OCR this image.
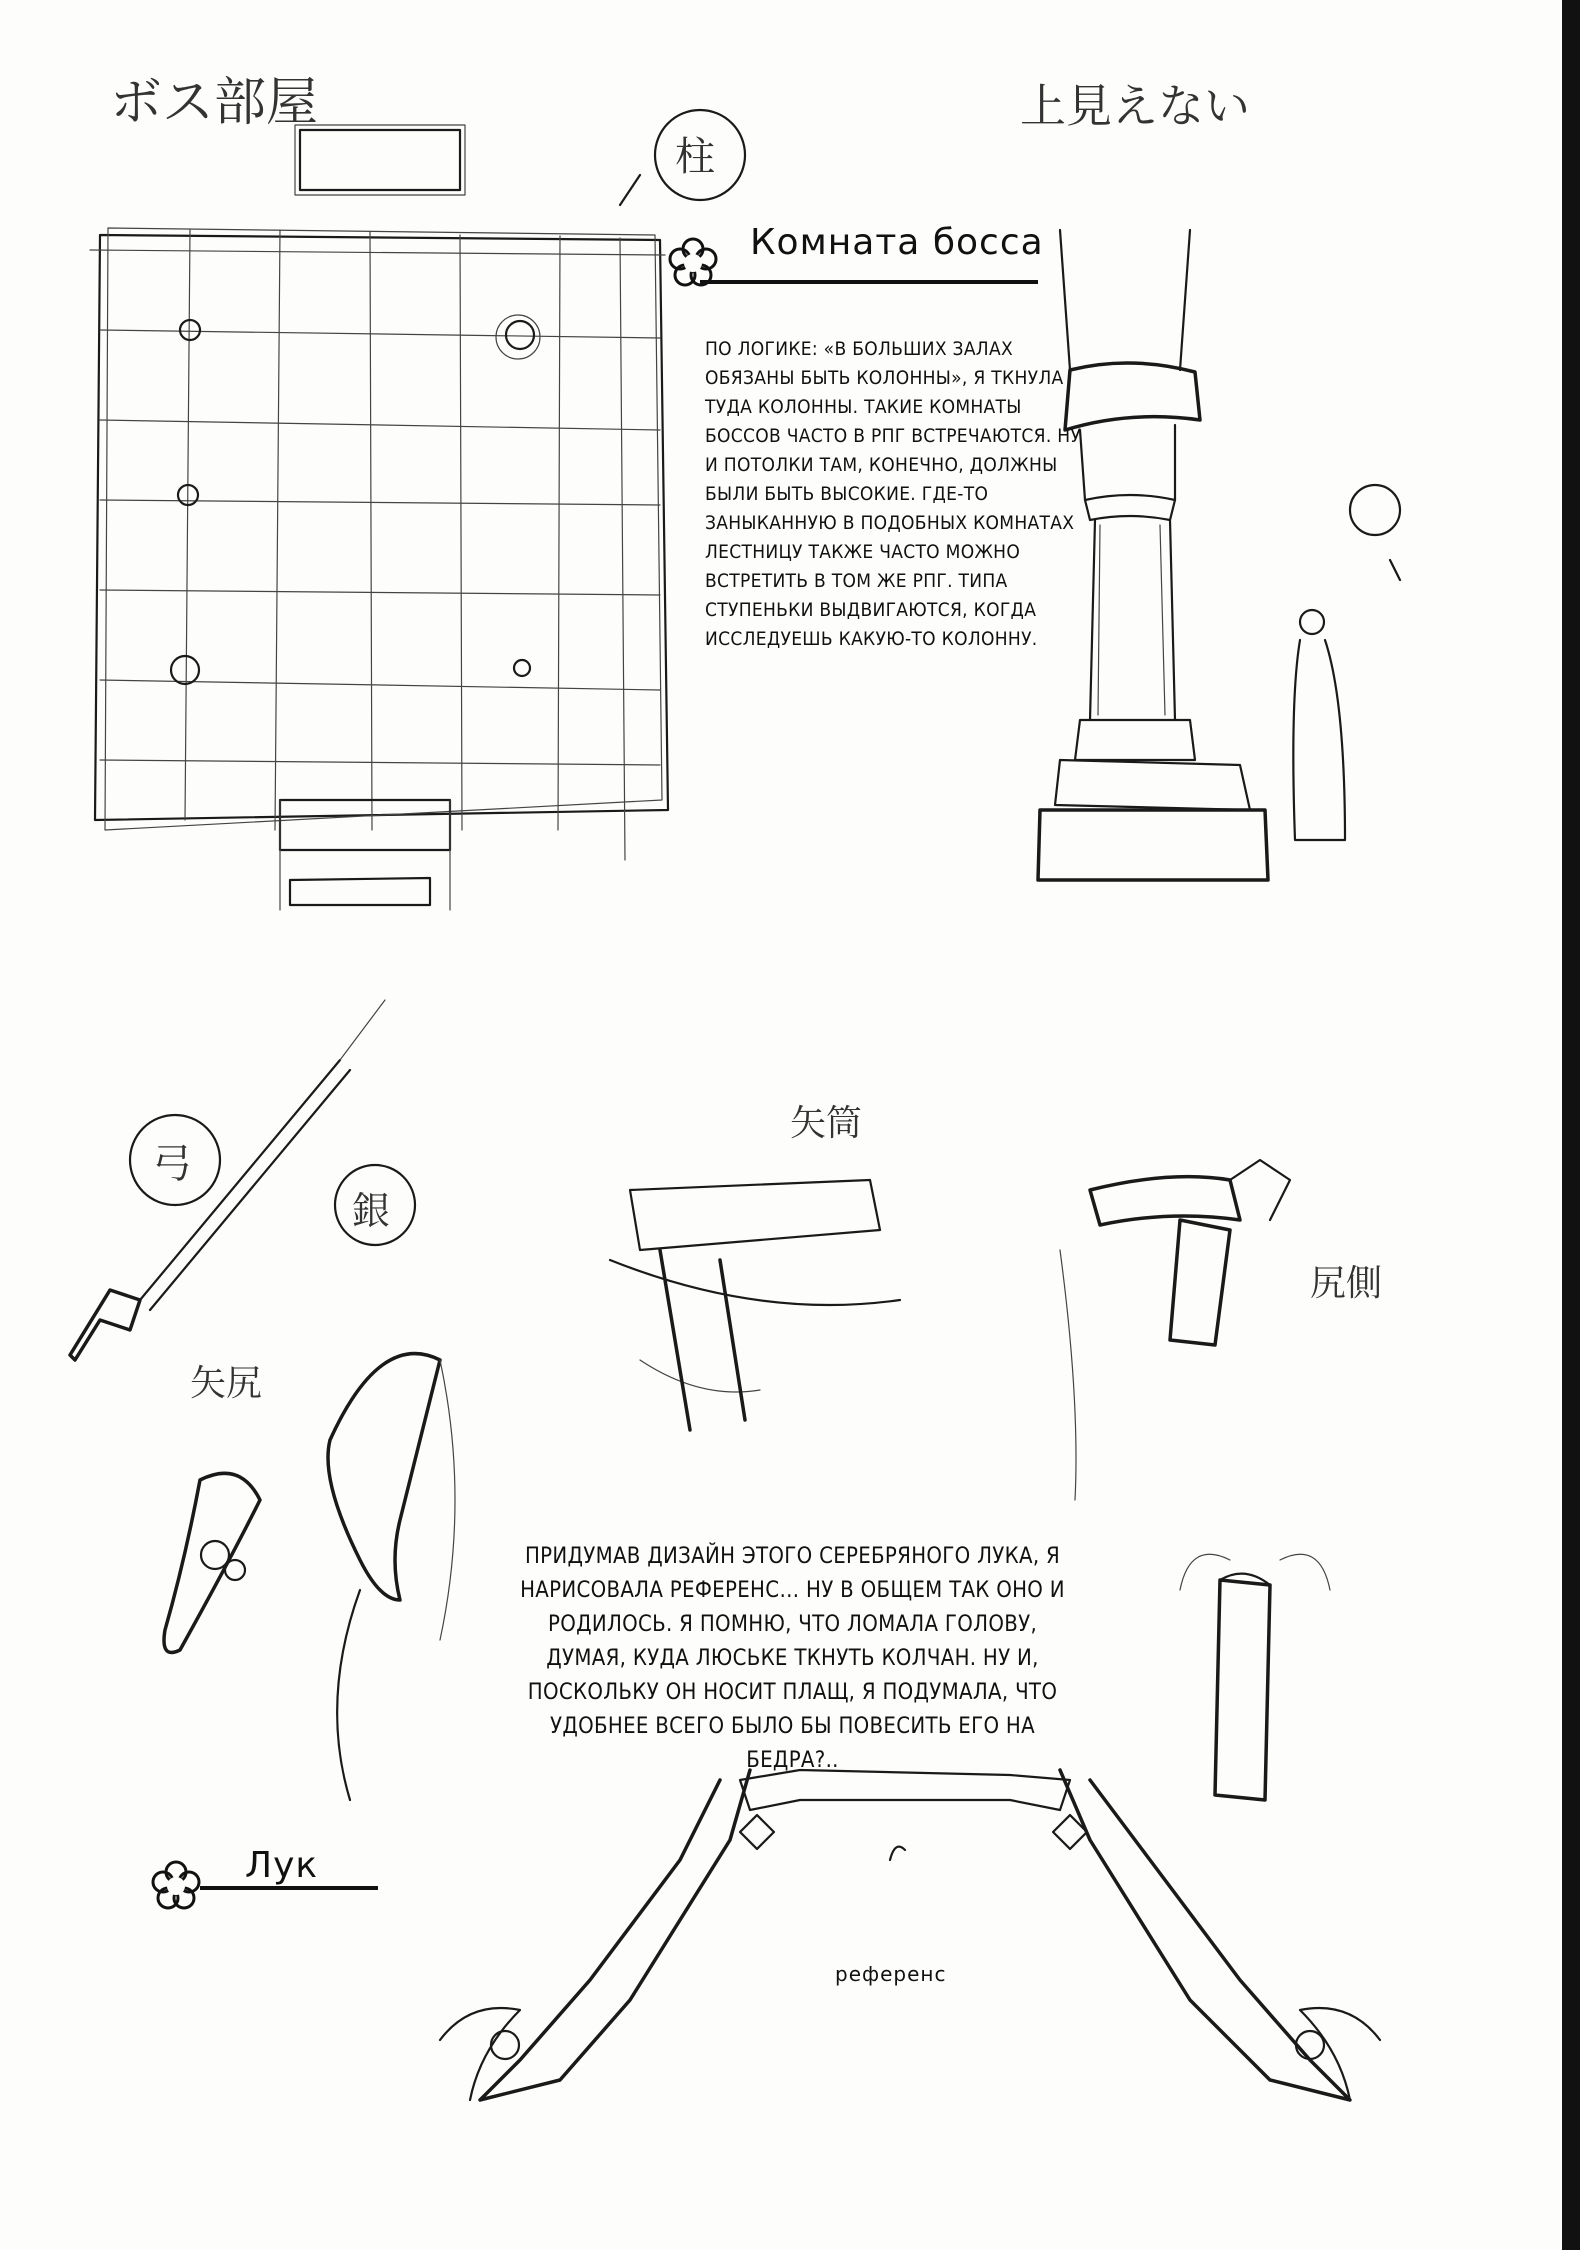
ボス部屋	上見えない
柱
弓
銀
矢筒
尻側
矢尻
Комната босса
ПО ЛОГИКЕ: «В БОЛЬШИХ ЗАЛАХ ОБЯЗАНЫ БЫТЬ КОЛОННЫ», Я ТКНУЛА ТУДА КОЛОННЫ. ТАКИЕ КОМНАТЫ БОССОВ ЧАСТО В РПГ ВСТРЕЧАЮТСЯ. НУ И ПОТОЛКИ ТАМ, КОНЕЧНО, ДОЛЖНЫ БЫЛИ БЫТЬ ВЫСОКИЕ. ГДЕ-ТО ЗАНЫКАННУЮ В ПОДОБНЫХ КОМНАТАХ ЛЕСТНИЦУ ТАКЖЕ ЧАСТО МОЖНО ВСТРЕТИТЬ В ТОМ ЖЕ РПГ. ТИПА СТУПЕНЬКИ ВЫДВИГАЮТСЯ, КОГДА ИССЛЕДУЕШЬ КАКУЮ-ТО КОЛОННУ.
ПРИДУМАВ ДИЗАЙН ЭТОГО СЕРЕБРЯНОГО ЛУКА, Я НАРИСОВАЛА РЕФЕРЕНС… НУ В ОБЩЕМ ТАК ОНО И РОДИЛОСЬ. Я ПОМНЮ, ЧТО ЛОМАЛА ГОЛОВУ, ДУМАЯ, КУДА ЛЮСЬКЕ ТКНУТЬ КОЛЧАН. НУ И, ПОСКОЛЬКУ ОН НОСИТ ПЛАЩ, Я ПОДУМАЛА, ЧТО УДОБНЕЕ ВСЕГО БЫЛО БЫ ПОВЕСИТЬ ЕГО НА БЕДРА?..
Лук
референс
